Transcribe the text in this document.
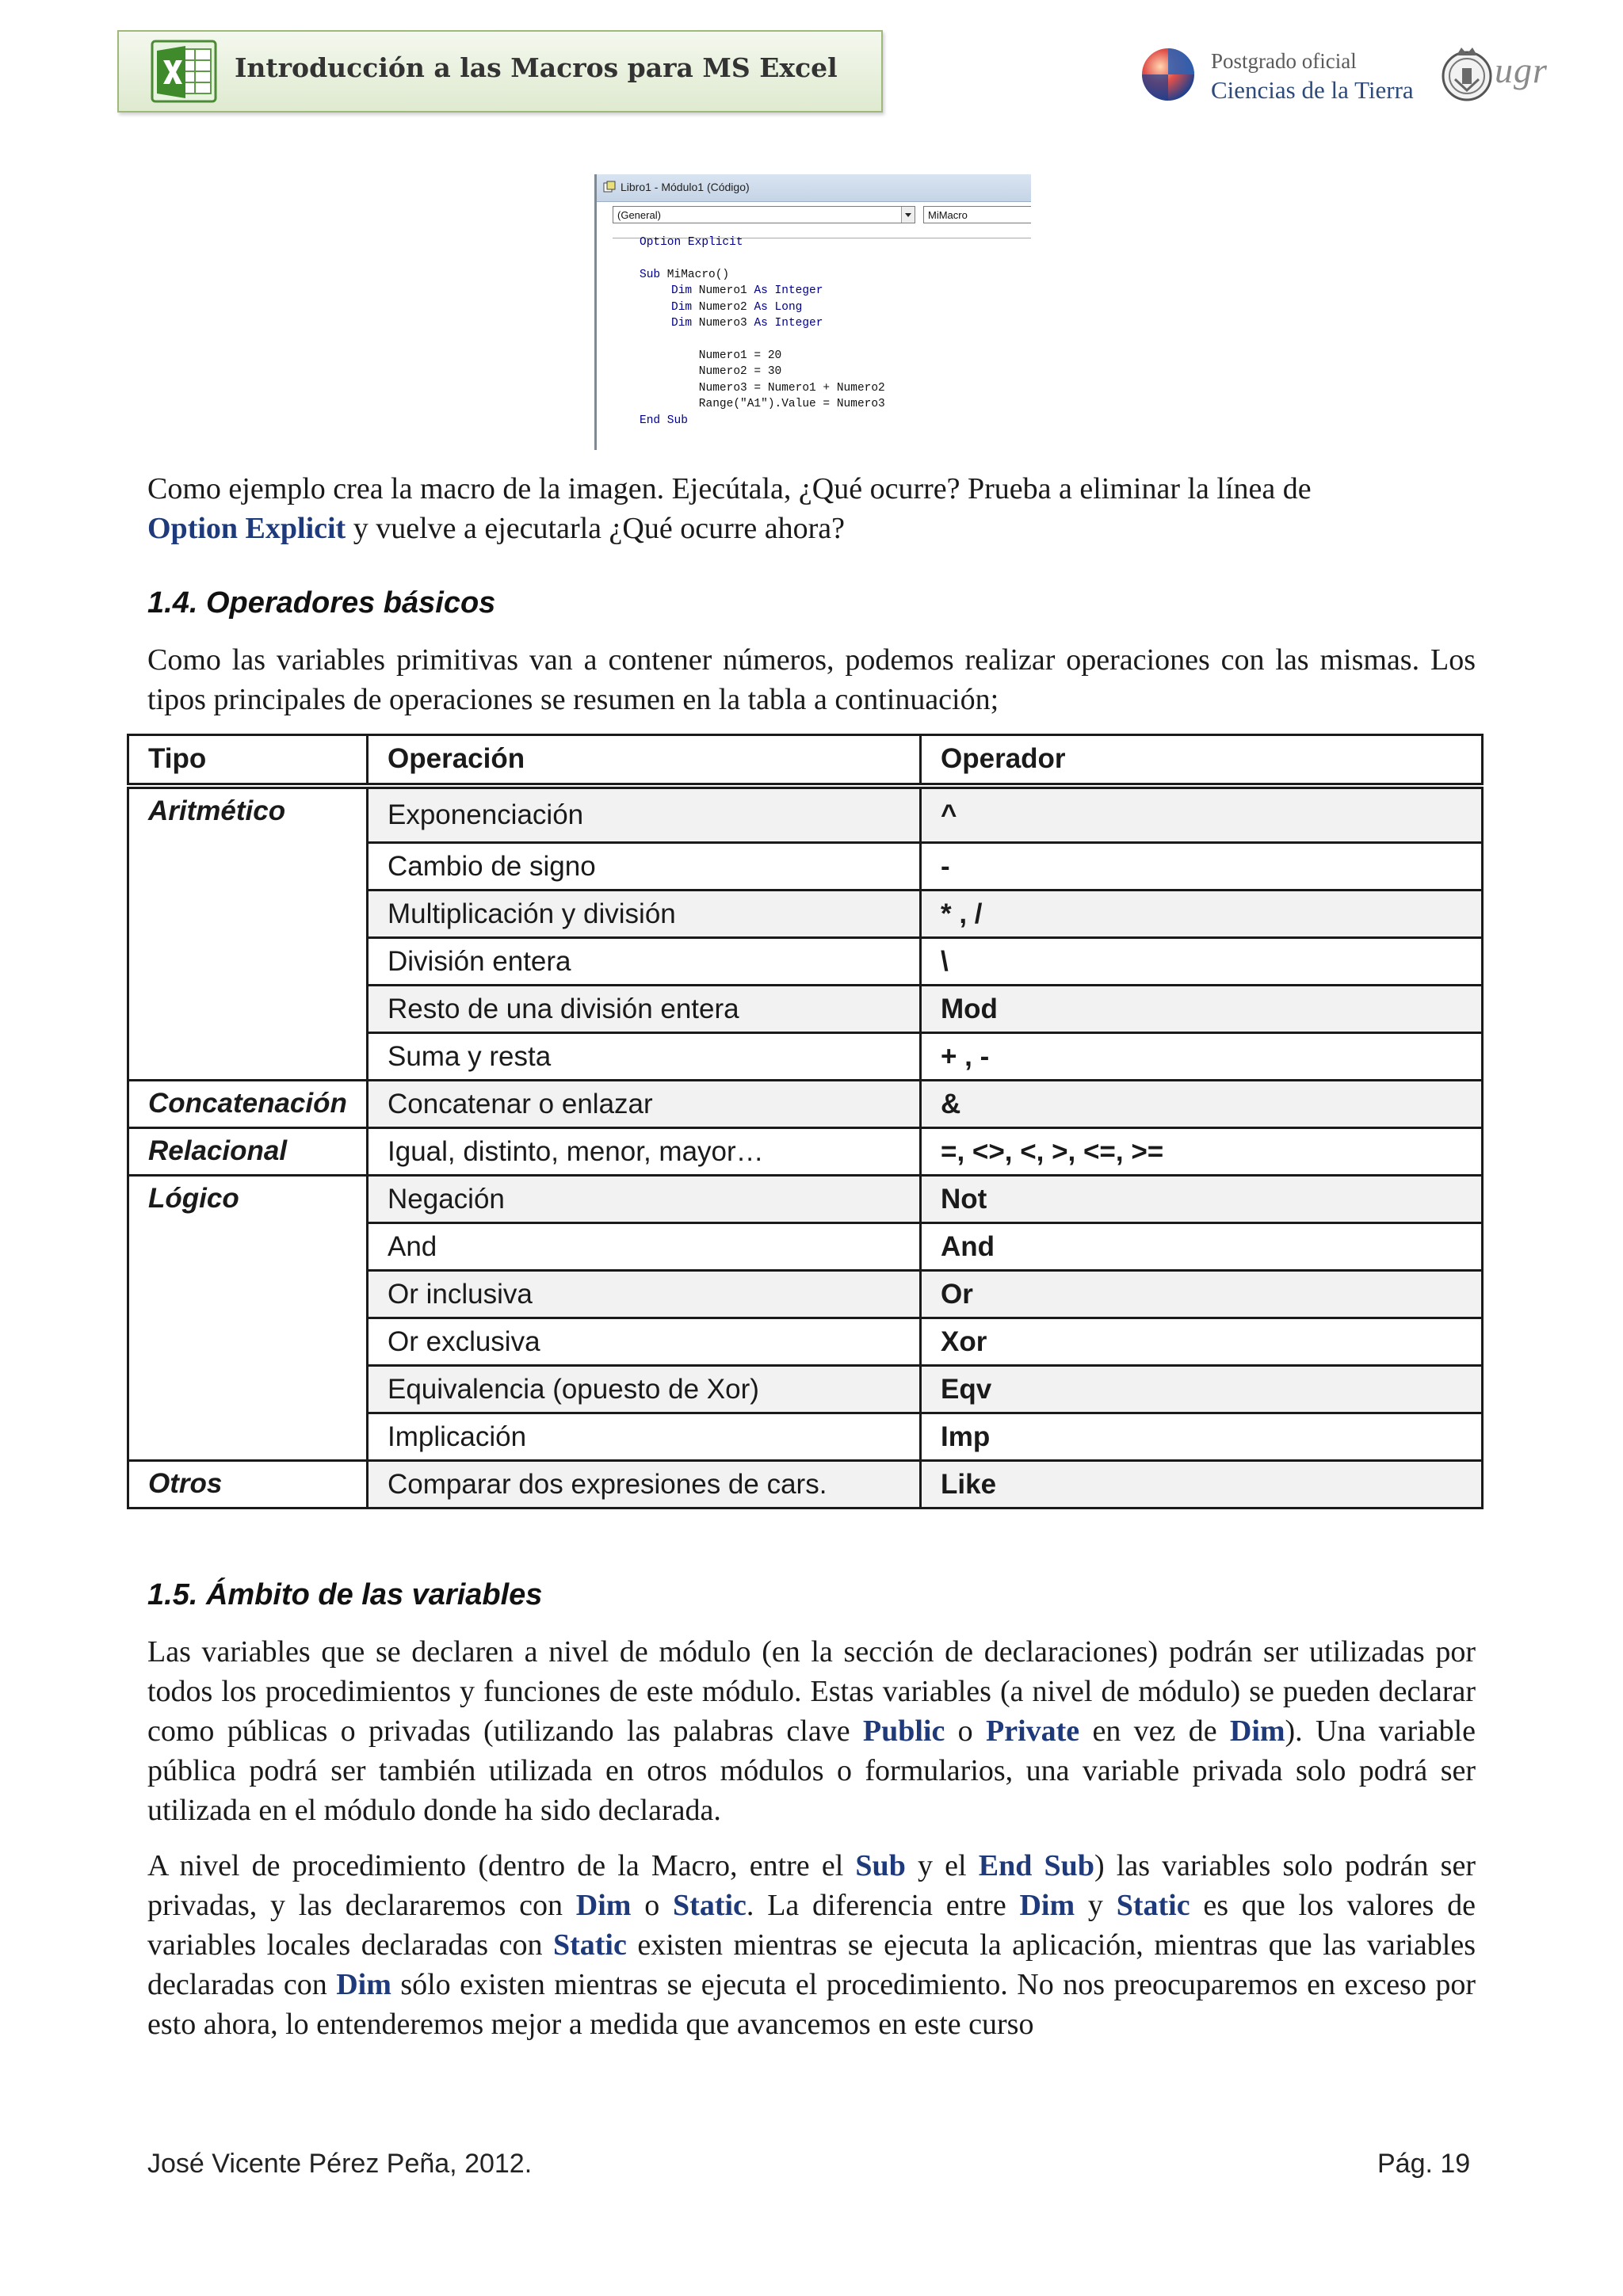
Introducción a las Macros para MS Excel	Postgrado oficial
Ciencias de la Tierra ugr
Libro1 - Módulo1 (Código)
(General)	MiMacro

Option Explicit

Sub MiMacro()

Dim Numero1 As Integer

Dim Numero2 As Long

Dim Numero3 As Integer

Numero1 = 20

Numero2 = 30

Numero3 = Numero1 + Numero2

Range("A1").Value = Numero3

End Sub

Como ejemplo crea la macro de la imagen. Ejecútala, ¿Qué ocurre? Prueba a eliminar la línea de
Option Explicit y vuelve a ejecutarla ¿Qué ocurre ahora?
1.4. Operadores básicos
Como las variables primitivas van a contener números, podemos realizar operaciones con las mismas. Los tipos principales de operaciones se resumen en la tabla a continuación;
Tipo	Operación	Operador
Aritmético	Exponenciación	^
	Cambio de signo	-
	Multiplicación y división	* , /
	División entera	\
	Resto de una división entera	Mod
	Suma y resta	+ , -
Concatenación	Concatenar o enlazar	&
Relacional	Igual, distinto, menor, mayor…	=, <>, <, >, <=, >=
Lógico	Negación	Not
	And	And
	Or inclusiva	Or
	Or exclusiva	Xor
	Equivalencia (opuesto de Xor)	Eqv
	Implicación	Imp
Otros	Comparar dos expresiones de cars.	Like
1.5. Ámbito de las variables
Las variables que se declaren a nivel de módulo (en la sección de declaraciones) podrán ser utilizadas por todos los procedimientos y funciones de este módulo. Estas variables (a nivel de módulo) se pueden declarar como públicas o privadas (utilizando las palabras clave Public o Private en vez de Dim). Una variable pública podrá ser también utilizada en otros módulos o formularios, una variable privada solo podrá ser utilizada en el módulo donde ha sido declarada.
A nivel de procedimiento (dentro de la Macro, entre el Sub y el End Sub) las variables solo podrán ser privadas, y las declararemos con Dim o Static. La diferencia entre Dim y Static es que los valores de variables locales declaradas con Static existen mientras se ejecuta la aplicación, mientras que las variables declaradas con Dim sólo existen mientras se ejecuta el procedimiento. No nos preocuparemos en exceso por esto ahora, lo entenderemos mejor a medida que avancemos en este curso
José Vicente Pérez Peña, 2012.	Pág. 19
